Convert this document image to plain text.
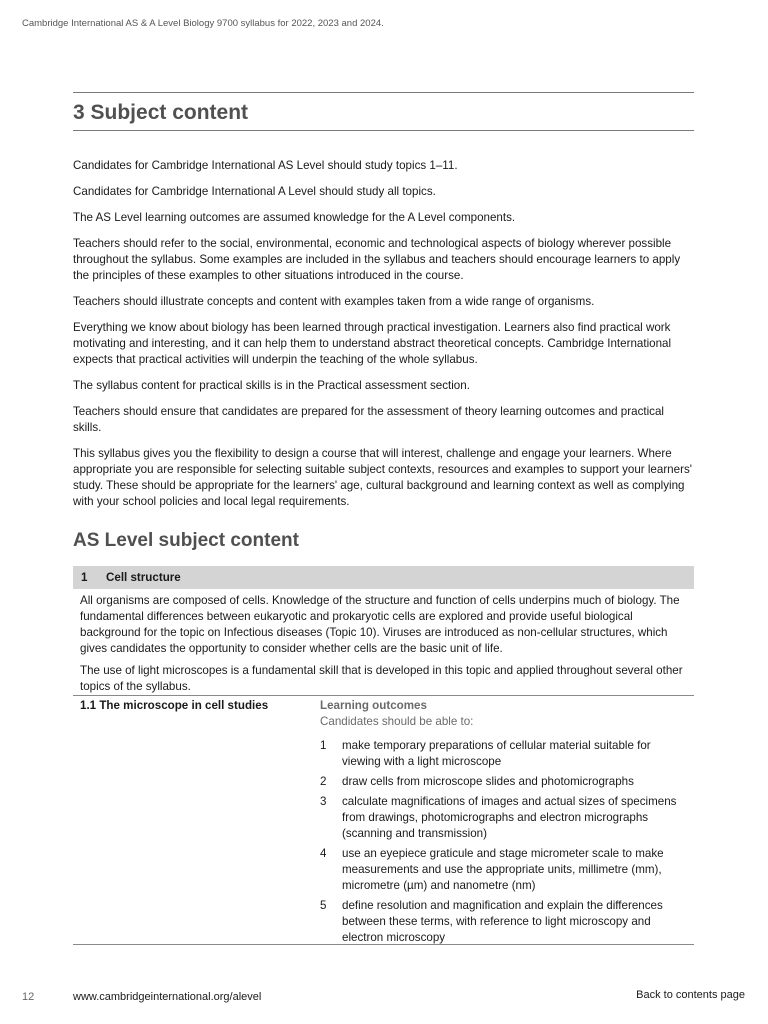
Cambridge International AS & A Level Biology 9700 syllabus for 2022, 2023 and 2024.
3 Subject content

Candidates for Cambridge International AS Level should study topics 1–11.

Candidates for Cambridge International A Level should study all topics.

The AS Level learning outcomes are assumed knowledge for the A Level components.

Teachers should refer to the social, environmental, economic and technological aspects of biology wherever possible throughout the syllabus. Some examples are included in the syllabus and teachers should encourage learners to apply the principles of these examples to other situations introduced in the course.

Teachers should illustrate concepts and content with examples taken from a wide range of organisms.

Everything we know about biology has been learned through practical investigation. Learners also find practical work motivating and interesting, and it can help them to understand abstract theoretical concepts. Cambridge International expects that practical activities will underpin the teaching of the whole syllabus.

The syllabus content for practical skills is in the Practical assessment section.

Teachers should ensure that candidates are prepared for the assessment of theory learning outcomes and practical skills.

This syllabus gives you the flexibility to design a course that will interest, challenge and engage your learners. Where appropriate you are responsible for selecting suitable subject contexts, resources and examples to support your learners' study. These should be appropriate for the learners' age, cultural background and learning context as well as complying with your school policies and local legal requirements.

AS Level subject content
1 Cell structure

All organisms are composed of cells. Knowledge of the structure and function of cells underpins much of biology. The fundamental differences between eukaryotic and prokaryotic cells are explored and provide useful biological background for the topic on Infectious diseases (Topic 10). Viruses are introduced as non-cellular structures, which gives candidates the opportunity to consider whether cells are the basic unit of life.

The use of light microscopes is a fundamental skill that is developed in this topic and applied throughout several other topics of the syllabus.

1.1 The microscope in cell studies	Learning outcomes
Candidates should be able to:
1 make temporary preparations of cellular material suitable for viewing with a light microscope
2 draw cells from microscope slides and photomicrographs
3 calculate magnifications of images and actual sizes of specimens from drawings, photomicrographs and electron micrographs (scanning and transmission)
4 use an eyepiece graticule and stage micrometer scale to make measurements and use the appropriate units, millimetre (mm), micrometre (µm) and nanometre (nm)
5 define resolution and magnification and explain the differences between these terms, with reference to light microscopy and electron microscopy
12	www.cambridgeinternational.org/alevel	Back to contents page
